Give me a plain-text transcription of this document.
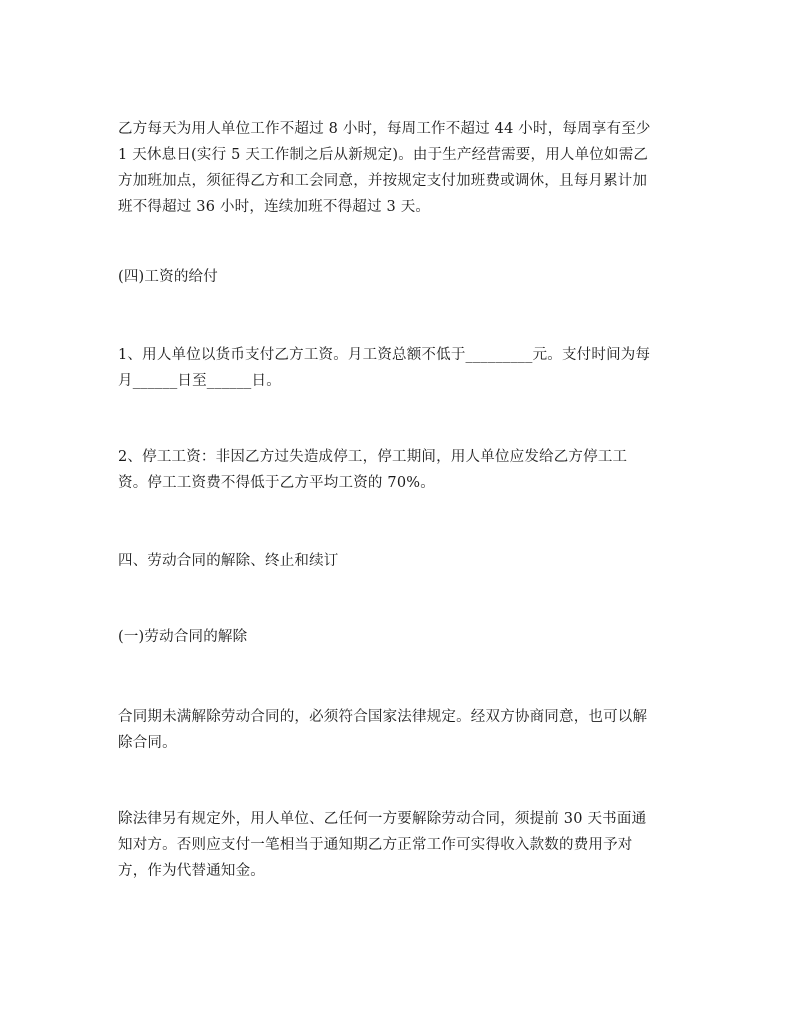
乙方每天为用人单位工作不超过 8 小时，每周工作不超过 44 小时，每周享有至少
1 天休息日(实行 5 天工作制之后从新规定)。由于生产经营需要，用人单位如需乙
方加班加点，须征得乙方和工会同意，并按规定支付加班费或调休，且每月累计加
班不得超过 36 小时，连续加班不得超过 3 天。

(四)工资的给付

1、用人单位以货币支付乙方工资。月工资总额不低于_________元。支付时间为每
月______日至______日。

2、停工工资：非因乙方过失造成停工，停工期间，用人单位应发给乙方停工工
资。停工工资费不得低于乙方平均工资的 70%。

四、劳动合同的解除、终止和续订

(一)劳动合同的解除

合同期未满解除劳动合同的，必须符合国家法律规定。经双方协商同意，也可以解
除合同。

除法律另有规定外，用人单位、乙任何一方要解除劳动合同，须提前 30 天书面通
知对方。否则应支付一笔相当于通知期乙方正常工作可实得收入款数的费用予对
方，作为代替通知金。
